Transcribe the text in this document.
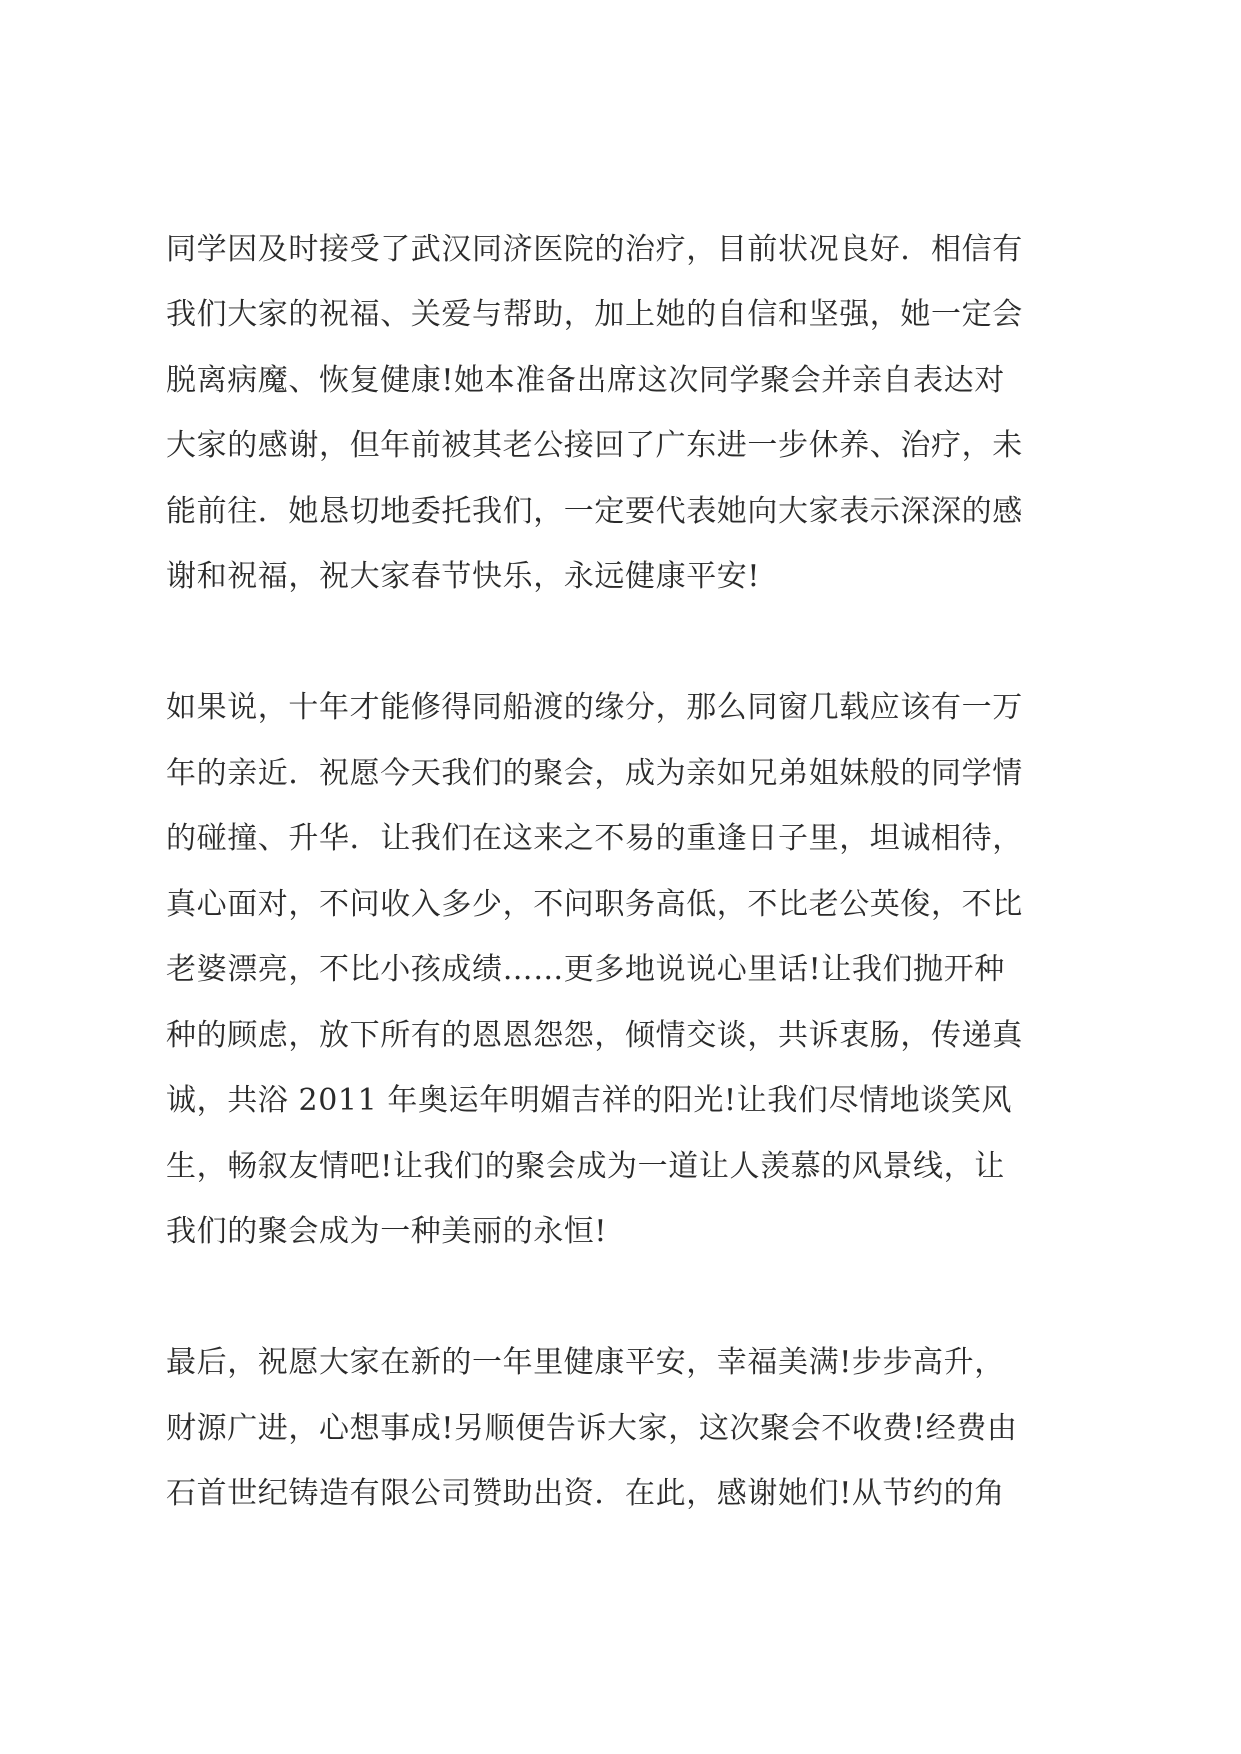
同学因及时接受了武汉同济医院的治疗，目前状况良好．相信有

我们大家的祝福、关爱与帮助，加上她的自信和坚强，她一定会

脱离病魔、恢复健康!她本准备出席这次同学聚会并亲自表达对

大家的感谢，但年前被其老公接回了广东进一步休养、治疗，未

能前往．她恳切地委托我们，一定要代表她向大家表示深深的感

谢和祝福，祝大家春节快乐，永远健康平安!

如果说，十年才能修得同船渡的缘分，那么同窗几载应该有一万

年的亲近．祝愿今天我们的聚会，成为亲如兄弟姐妹般的同学情

的碰撞、升华．让我们在这来之不易的重逢日子里，坦诚相待，

真心面对，不问收入多少，不问职务高低，不比老公英俊，不比

老婆漂亮，不比小孩成绩……更多地说说心里话!让我们抛开种

种的顾虑，放下所有的恩恩怨怨，倾情交谈，共诉衷肠，传递真

诚，共浴 2011 年奥运年明媚吉祥的阳光!让我们尽情地谈笑风

生，畅叙友情吧!让我们的聚会成为一道让人羡慕的风景线，让

我们的聚会成为一种美丽的永恒!

最后，祝愿大家在新的一年里健康平安，幸福美满!步步高升，

财源广进，心想事成!另顺便告诉大家，这次聚会不收费!经费由

石首世纪铸造有限公司赞助出资．在此，感谢她们!从节约的角
